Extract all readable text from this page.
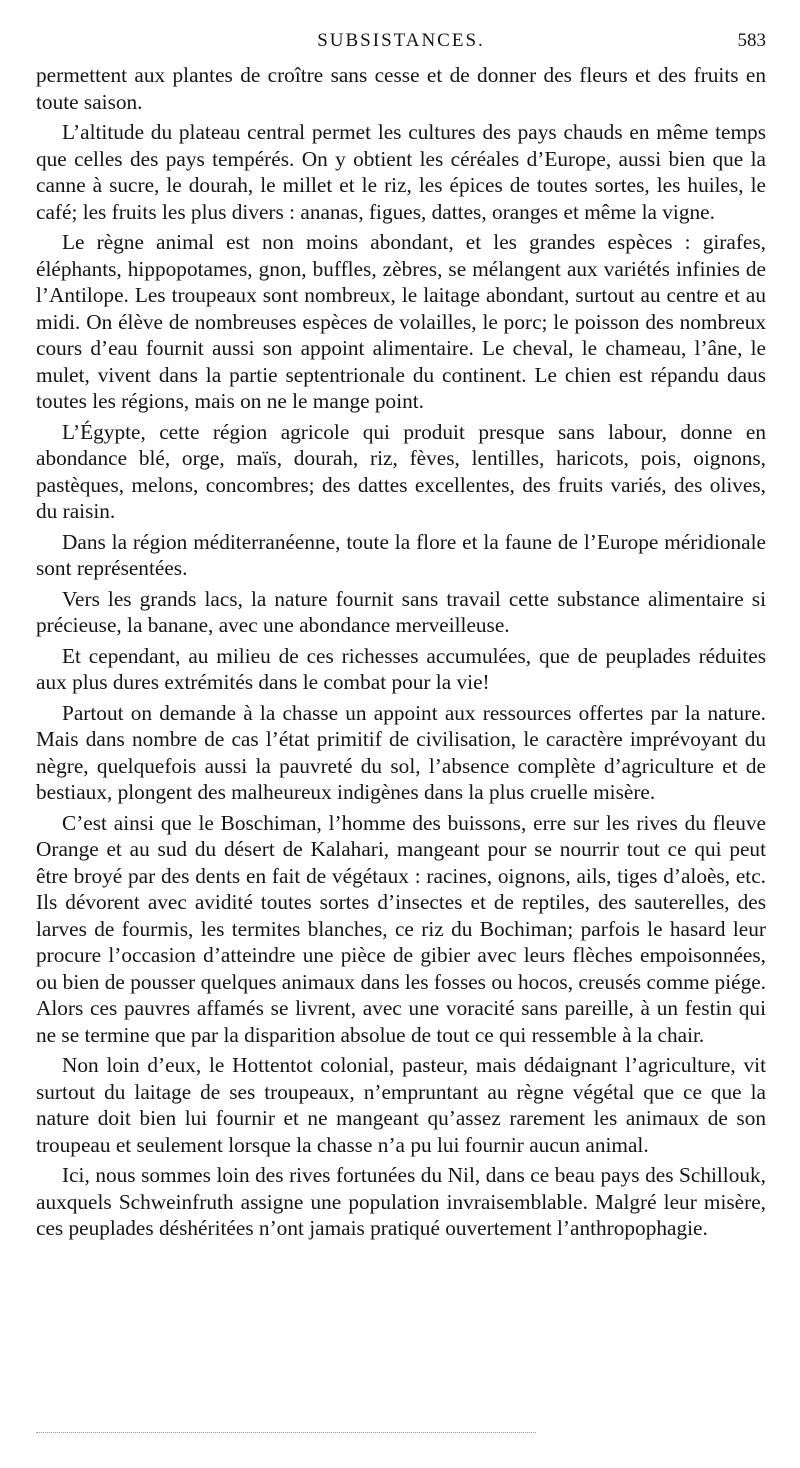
SUBSISTANCES.	583

permettent aux plantes de croître sans cesse et de donner des fleurs et des fruits en toute saison.

L’altitude du plateau central permet les cultures des pays chauds en même temps que celles des pays tempérés. On y obtient les céréales d’Europe, aussi bien que la canne à sucre, le dourah, le millet et le riz, les épices de toutes sortes, les huiles, le café; les fruits les plus divers : ananas, figues, dattes, oranges et même la vigne.

Le règne animal est non moins abondant, et les grandes espèces : girafes, éléphants, hippopotames, gnon, buffles, zèbres, se mélangent aux variétés infinies de l’Antilope. Les troupeaux sont nombreux, le laitage abondant, surtout au centre et au midi. On élève de nombreuses espèces de volailles, le porc; le poisson des nombreux cours d’eau fournit aussi son appoint alimentaire. Le cheval, le chameau, l’âne, le mulet, vivent dans la partie septentrionale du continent. Le chien est répandu daus toutes les régions, mais on ne le mange point.

L’Égypte, cette région agricole qui produit presque sans labour, donne en abondance blé, orge, maïs, dourah, riz, fèves, lentilles, haricots, pois, oignons, pastèques, melons, concombres; des dattes excellentes, des fruits variés, des olives, du raisin.

Dans la région méditerranéenne, toute la flore et la faune de l’Europe méridionale sont représentées.

Vers les grands lacs, la nature fournit sans travail cette substance alimentaire si précieuse, la banane, avec une abondance merveilleuse.

Et cependant, au milieu de ces richesses accumulées, que de peuplades réduites aux plus dures extrémités dans le combat pour la vie!

Partout on demande à la chasse un appoint aux ressources offertes par la nature. Mais dans nombre de cas l’état primitif de civilisation, le caractère imprévoyant du nègre, quelquefois aussi la pauvreté du sol, l’absence complète d’agriculture et de bestiaux, plongent des malheureux indigènes dans la plus cruelle misère.

C’est ainsi que le Boschiman, l’homme des buissons, erre sur les rives du fleuve Orange et au sud du désert de Kalahari, mangeant pour se nourrir tout ce qui peut être broyé par des dents en fait de végétaux : racines, oignons, ails, tiges d’aloès, etc. Ils dévorent avec avidité toutes sortes d’insectes et de reptiles, des sauterelles, des larves de fourmis, les termites blanches, ce riz du Bochiman; parfois le hasard leur procure l’occasion d’atteindre une pièce de gibier avec leurs flèches empoisonnées, ou bien de pousser quelques animaux dans les fosses ou hocos, creusés comme piége. Alors ces pauvres affamés se livrent, avec une voracité sans pareille, à un festin qui ne se termine que par la disparition absolue de tout ce qui ressemble à la chair.

Non loin d’eux, le Hottentot colonial, pasteur, mais dédaignant l’agriculture, vit surtout du laitage de ses troupeaux, n’empruntant au règne végétal que ce que la nature doit bien lui fournir et ne mangeant qu’assez rarement les animaux de son troupeau et seulement lorsque la chasse n’a pu lui fournir aucun animal.

Ici, nous sommes loin des rives fortunées du Nil, dans ce beau pays des Schillouk, auxquels Schweinfruth assigne une population invraisemblable. Malgré leur misère, ces peuplades déshéritées n’ont jamais pratiqué ouvertement l’anthropophagie.
